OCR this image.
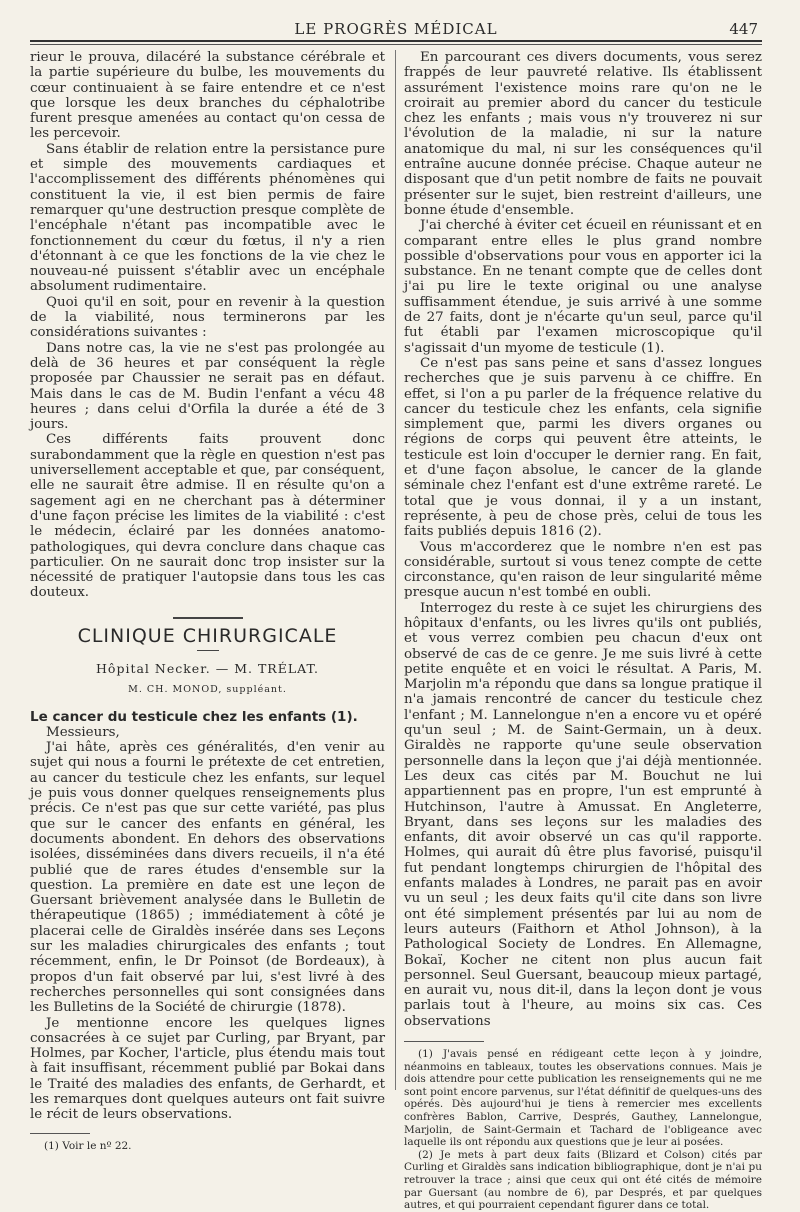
LE PROGRÈS MÉDICAL	447

rieur le prouva, dilacéré la substance cérébrale et la partie supérieure du bulbe, les mouvements du cœur continuaient à se faire entendre et ce n'est que lorsque les deux branches du céphalotribe furent presque amenées au contact qu'on cessa de les percevoir.

Sans établir de relation entre la persistance pure et simple des mouvements cardiaques et l'accomplissement des différents phénomènes qui constituent la vie, il est bien permis de faire remarquer qu'une destruction presque complète de l'encéphale n'étant pas incompatible avec le fonctionnement du cœur du fœtus, il n'y a rien d'étonnant à ce que les fonctions de la vie chez le nouveau-né puissent s'établir avec un encéphale absolument rudimentaire.

Quoi qu'il en soit, pour en revenir à la question de la viabilité, nous terminerons par les considérations suivantes :

Dans notre cas, la vie ne s'est pas prolongée au delà de 36 heures et par conséquent la règle proposée par Chaussier ne serait pas en défaut. Mais dans le cas de M. Budin l'enfant a vécu 48 heures ; dans celui d'Orfila la durée a été de 3 jours.

Ces différents faits prouvent donc surabondamment que la règle en question n'est pas universellement acceptable et que, par conséquent, elle ne saurait être admise. Il en résulte qu'on a sagement agi en ne cherchant pas à déterminer d'une façon précise les limites de la viabilité : c'est le médecin, éclairé par les données anatomo-pathologiques, qui devra conclure dans chaque cas particulier. On ne saurait donc trop insister sur la nécessité de pratiquer l'autopsie dans tous les cas douteux.

CLINIQUE CHIRURGICALE
Hôpital Necker. — M. TRÉLAT.
M. CH. MONOD, suppléant.

Le cancer du testicule chez les enfants (1).

Messieurs,

J'ai hâte, après ces généralités, d'en venir au sujet qui nous a fourni le prétexte de cet entretien, au cancer du testicule chez les enfants, sur lequel je puis vous donner quelques renseignements plus précis. Ce n'est pas que sur cette variété, pas plus que sur le cancer des enfants en général, les documents abondent. En dehors des observations isolées, disséminées dans divers recueils, il n'a été publié que de rares études d'ensemble sur la question. La première en date est une leçon de Guersant brièvement analysée dans le Bulletin de thérapeutique (1865) ; immédiatement à côté je placerai celle de Giraldès insérée dans ses Leçons sur les maladies chirurgicales des enfants ; tout récemment, enfin, le Dr Poinsot (de Bordeaux), à propos d'un fait observé par lui, s'est livré à des recherches personnelles qui sont consignées dans les Bulletins de la Société de chirurgie (1878).

Je mentionne encore les quelques lignes consacrées à ce sujet par Curling, par Bryant, par Holmes, par Kocher, l'article, plus étendu mais tout à fait insuffisant, récemment publié par Bokai dans le Traité des maladies des enfants, de Gerhardt, et les remarques dont quelques auteurs ont fait suivre le récit de leurs observations.

(1) Voir le nº 22.

En parcourant ces divers documents, vous serez frappés de leur pauvreté relative. Ils établissent assurément l'existence moins rare qu'on ne le croirait au premier abord du cancer du testicule chez les enfants ; mais vous n'y trouverez ni sur l'évolution de la maladie, ni sur la nature anatomique du mal, ni sur les conséquences qu'il entraîne aucune donnée précise. Chaque auteur ne disposant que d'un petit nombre de faits ne pouvait présenter sur le sujet, bien restreint d'ailleurs, une bonne étude d'ensemble.

J'ai cherché à éviter cet écueil en réunissant et en comparant entre elles le plus grand nombre possible d'observations pour vous en apporter ici la substance. En ne tenant compte que de celles dont j'ai pu lire le texte original ou une analyse suffisamment étendue, je suis arrivé à une somme de 27 faits, dont je n'écarte qu'un seul, parce qu'il fut établi par l'examen microscopique qu'il s'agissait d'un myome de testicule (1).

Ce n'est pas sans peine et sans d'assez longues recherches que je suis parvenu à ce chiffre. En effet, si l'on a pu parler de la fréquence relative du cancer du testicule chez les enfants, cela signifie simplement que, parmi les divers organes ou régions de corps qui peuvent être atteints, le testicule est loin d'occuper le dernier rang. En fait, et d'une façon absolue, le cancer de la glande séminale chez l'enfant est d'une extrême rareté. Le total que je vous donnai, il y a un instant, représente, à peu de chose près, celui de tous les faits publiés depuis 1816 (2).

Vous m'accorderez que le nombre n'en est pas considérable, surtout si vous tenez compte de cette circonstance, qu'en raison de leur singularité même presque aucun n'est tombé en oubli.

Interrogez du reste à ce sujet les chirurgiens des hôpitaux d'enfants, ou les livres qu'ils ont publiés, et vous verrez combien peu chacun d'eux ont observé de cas de ce genre. Je me suis livré à cette petite enquête et en voici le résultat. A Paris, M. Marjolin m'a répondu que dans sa longue pratique il n'a jamais rencontré de cancer du testicule chez l'enfant ; M. Lannelongue n'en a encore vu et opéré qu'un seul ; M. de Saint-Germain, un à deux. Giraldès ne rapporte qu'une seule observation personnelle dans la leçon que j'ai déjà mentionnée. Les deux cas cités par M. Bouchut ne lui appartiennent pas en propre, l'un est emprunté à Hutchinson, l'autre à Amussat. En Angleterre, Bryant, dans ses leçons sur les maladies des enfants, dit avoir observé un cas qu'il rapporte. Holmes, qui aurait dû être plus favorisé, puisqu'il fut pendant longtemps chirurgien de l'hôpital des enfants malades à Londres, ne parait pas en avoir vu un seul ; les deux faits qu'il cite dans son livre ont été simplement présentés par lui au nom de leurs auteurs (Faithorn et Athol Johnson), à la Pathological Society de Londres. En Allemagne, Bokaï, Kocher ne citent non plus aucun fait personnel. Seul Guersant, beaucoup mieux partagé, en aurait vu, nous dit-il, dans la leçon dont je vous parlais tout à l'heure, au moins six cas. Ces observations

(1) J'avais pensé en rédigeant cette leçon à y joindre, néanmoins en tableaux, toutes les observations connues. Mais je dois attendre pour cette publication les renseignements qui ne me sont point encore parvenus, sur l'état définitif de quelques-uns des opérés. Dès aujourd'hui je tiens à remercier mes excellents confrères Bablon, Carrive, Després, Gauthey, Lannelongue, Marjolin, de Saint-Germain et Tachard de l'obligeance avec laquelle ils ont répondu aux questions que je leur ai posées.

(2) Je mets à part deux faits (Blizard et Colson) cités par Curling et Giraldès sans indication bibliographique, dont je n'ai pu retrouver la trace ; ainsi que ceux qui ont été cités de mémoire par Guersant (au nombre de 6), par Després, et par quelques autres, et qui pourraient cependant figurer dans ce total.
